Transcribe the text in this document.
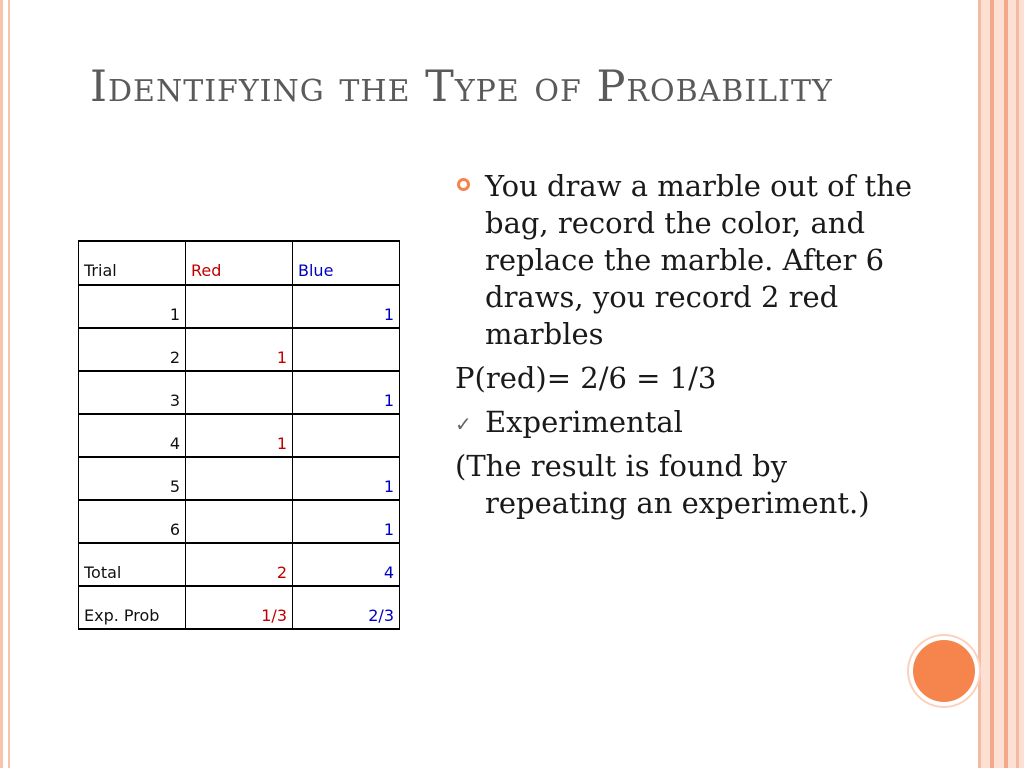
Identifying the Type of Probability
Trial	Red	Blue
1		1
2	1	
3		1
4	1	
5		1
6		1
Total	2	4
Exp. Prob	1/3	2/3
You draw a marble out of the bag, record the color, and replace the marble. After 6 draws, you record 2 red marbles
P(red)= 2/6 = 1/3
✓ Experimental
(The result is found by repeating an experiment.)
